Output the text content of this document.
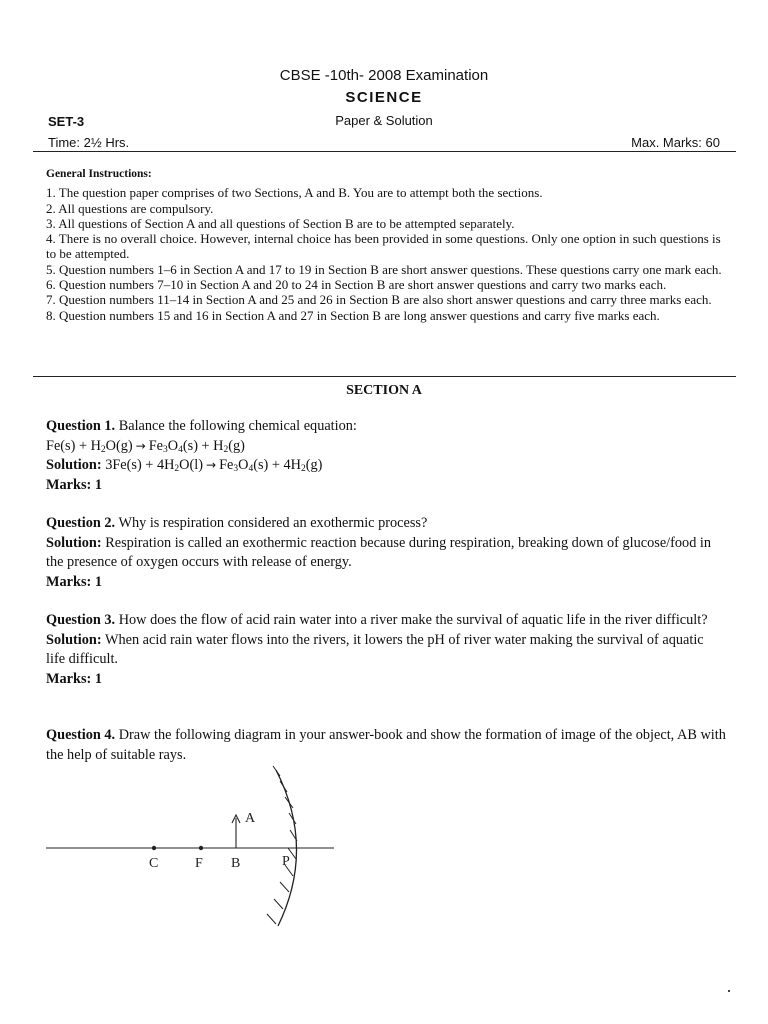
CBSE -10th- 2008 Examination
SCIENCE
Paper & Solution
SET-3
Time: 2½ Hrs.	Max. Marks: 60
General Instructions:

1. The question paper comprises of two Sections, A and B. You are to attempt both the sections.

2. All questions are compulsory.

3. All questions of Section A and all questions of Section B are to be attempted separately.

4. There is no overall choice. However, internal choice has been provided in some questions. Only one option in such questions is to be attempted.

5. Question numbers 1–6 in Section A and 17 to 19 in Section B are short answer questions. These questions carry one mark each.

6. Question numbers 7–10 in Section A and 20 to 24 in Section B are short answer questions and carry two marks each.

7. Question numbers 11–14 in Section A and 25 and 26 in Section B are also short answer questions and carry three marks each.

8. Question numbers 15 and 16 in Section A and 27 in Section B are long answer questions and carry five marks each.

SECTION A

Question 1. Balance the following chemical equation:

$Fe(s) + H_2O(g) \to Fe_3O_4(s) + H_2(g)$

Solution: $3Fe(s) + 4H_2O(l) \to Fe_3O_4(s) + 4H_2(g)$

Marks: 1

Question 2. Why is respiration considered an exothermic process?

Solution: Respiration is called an exothermic reaction because during respiration, breaking down of glucose/food in the presence of oxygen occurs with release of energy.

Marks: 1

Question 3. How does the flow of acid rain water into a river make the survival of aquatic life in the river difficult?

Solution: When acid rain water flows into the rivers, it lowers the pH of river water making the survival of aquatic life difficult.

Marks: 1

Question 4. Draw the following diagram in your answer-book and show the formation of image of the object, AB with the help of suitable rays.

A
C	F B	P
